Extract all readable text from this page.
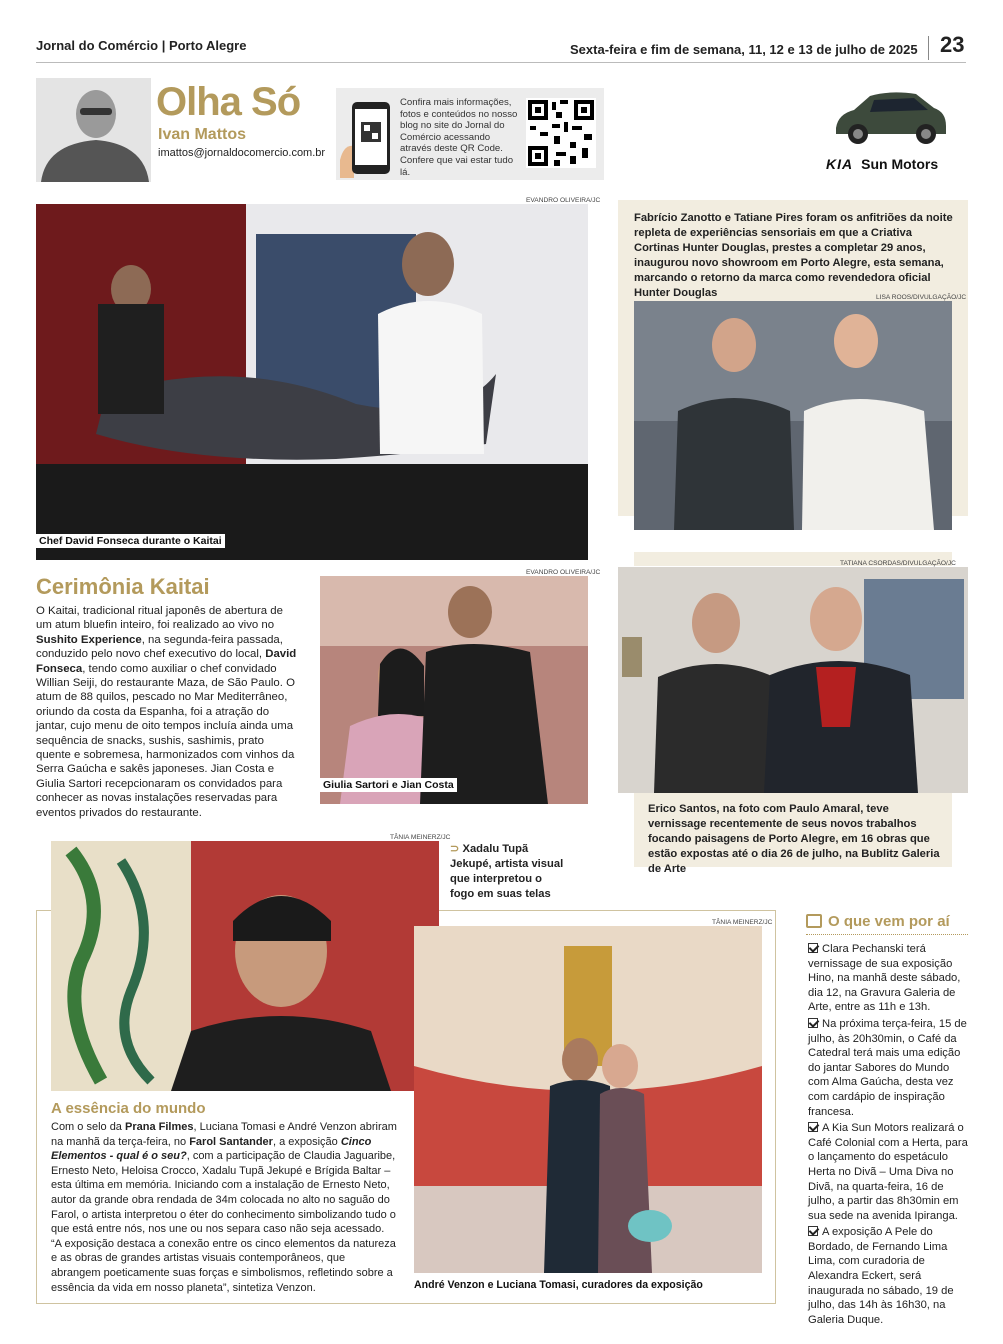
Jornal do Comércio | Porto Alegre	Sexta-feira e fim de semana, 11, 12 e 13 de julho de 2025 23
Olha Só
Ivan Mattos
imattos@jornaldocomercio.com.br
Confira mais informações, fotos e conteúdos no nosso blog no site do Jornal do Comércio acessando através deste QR Code. Confere que vai estar tudo lá.
KIA Sun Motors
EVANDRO OLIVEIRA/JC
Chef David Fonseca durante o Kaitai
Fabrício Zanotto e Tatiane Pires foram os anfitriões da noite repleta de experiências sensoriais em que a Criativa Cortinas Hunter Douglas, prestes a completar 29 anos, inaugurou novo showroom em Porto Alegre, esta semana, marcando o retorno da marca como revendedora oficial Hunter Douglas	LISA ROOS/DIVULGAÇÃO/JC
TATIANA CSORDAS/DIVULGAÇÃO/JC
Erico Santos, na foto com Paulo Amaral, teve vernissage recentemente de seus novos trabalhos focando paisagens de Porto Alegre, em 16 obras que estão expostas até o dia 26 de julho, na Bublitz Galeria de Arte
Cerimônia Kaitai
O Kaitai, tradicional ritual japonês de abertura de um atum bluefin inteiro, foi realizado ao vivo no Sushito Experience, na segunda-feira passada, conduzido pelo novo chef executivo do local, David Fonseca, tendo como auxiliar o chef convidado Willian Seiji, do restaurante Maza, de São Paulo. O atum de 88 quilos, pescado no Mar Mediterrâneo, oriundo da costa da Espanha, foi a atração do jantar, cujo menu de oito tempos incluía ainda uma sequência de snacks, sushis, sashimis, prato quente e sobremesa, harmonizados com vinhos da Serra Gaúcha e sakês japoneses. Jian Costa e Giulia Sartori recepcionaram os convidados para conhecer as novas instalações reservadas para eventos privados do restaurante.
EVANDRO OLIVEIRA/JC
Giulia Sartori e Jian Costa
TÂNIA MEINERZ/JC
⊃ Xadalu Tupã Jekupé, artista visual que interpretou o fogo em suas telas
A essência do mundo
Com o selo da Prana Filmes, Luciana Tomasi e André Venzon abriram na manhã da terça-feira, no Farol Santander, a exposição Cinco Elementos - qual é o seu?, com a participação de Claudia Jaguaribe, Ernesto Neto, Heloisa Crocco, Xadalu Tupã Jekupé e Brígida Baltar – esta última em memória. Iniciando com a instalação de Ernesto Neto, autor da grande obra rendada de 34m colocada no alto no saguão do Farol, o artista interpretou o éter do conhecimento simbolizando tudo o que está entre nós, nos une ou nos separa caso não seja acessado. “A exposição destaca a conexão entre os cinco elementos da natureza e as obras de grandes artistas visuais contemporâneos, que abrangem poeticamente suas forças e simbolismos, refletindo sobre a essência da vida em nosso planeta”, sintetiza Venzon.
TÂNIA MEINERZ/JC
André Venzon e Luciana Tomasi, curadores da exposição
O que vem por aí
Clara Pechanski terá vernissage de sua exposição Hino, na manhã deste sábado, dia 12, na Gravura Galeria de Arte, entre as 11h e 13h.
Na próxima terça-feira, 15 de julho, às 20h30min, o Café da Catedral terá mais uma edição do jantar Sabores do Mundo com Alma Gaúcha, desta vez com cardápio de inspiração francesa.
A Kia Sun Motors realizará o Café Colonial com a Herta, para o lançamento do espetáculo Herta no Divã – Uma Diva no Divã, na quarta-feira, 16 de julho, a partir das 8h30min em sua sede na avenida Ipiranga.
A exposição A Pele do Bordado, de Fernando Lima Lima, com curadoria de Alexandra Eckert, será inaugurada no sábado, 19 de julho, das 14h às 16h30, na Galeria Duque.
